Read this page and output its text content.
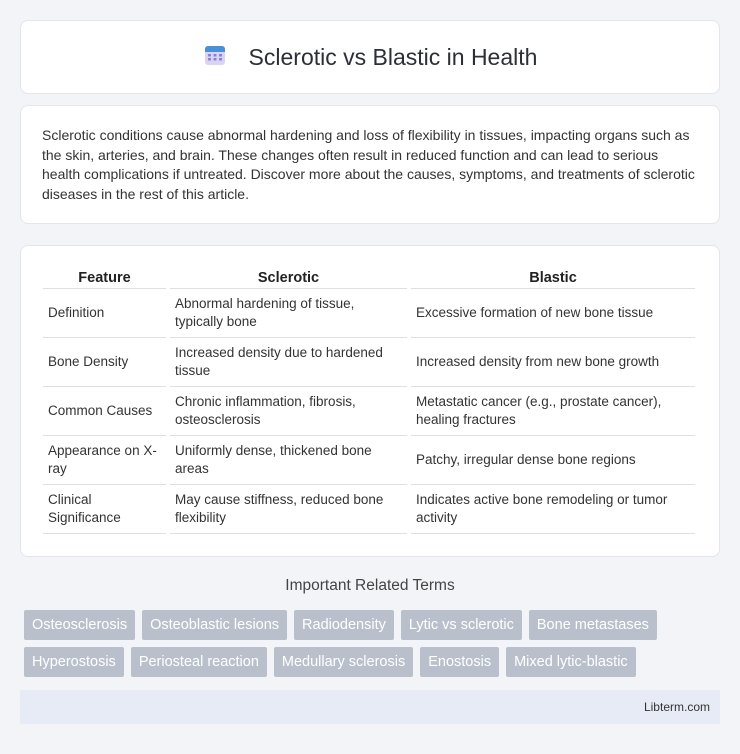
Sclerotic vs Blastic in Health

Sclerotic conditions cause abnormal hardening and loss of flexibility in tissues, impacting organs such as the skin, arteries, and brain. These changes often result in reduced function and can lead to serious health complications if untreated. Discover more about the causes, symptoms, and treatments of sclerotic diseases in the rest of this article.

Feature	Sclerotic	Blastic
Definition	Abnormal hardening of tissue, typically bone	Excessive formation of new bone tissue
Bone Density	Increased density due to hardened tissue	Increased density from new bone growth
Common Causes	Chronic inflammation, fibrosis, osteosclerosis	Metastatic cancer (e.g., prostate cancer), healing fractures
Appearance on X-ray	Uniformly dense, thickened bone areas	Patchy, irregular dense bone regions
Clinical Significance	May cause stiffness, reduced bone flexibility	Indicates active bone remodeling or tumor activity
Important Related Terms
Osteosclerosis	Osteoblastic lesions	Radiodensity	Lytic vs sclerotic	Bone metastases
Hyperostosis	Periosteal reaction	Medullary sclerosis	Enostosis	Mixed lytic-blastic
Libterm.com
